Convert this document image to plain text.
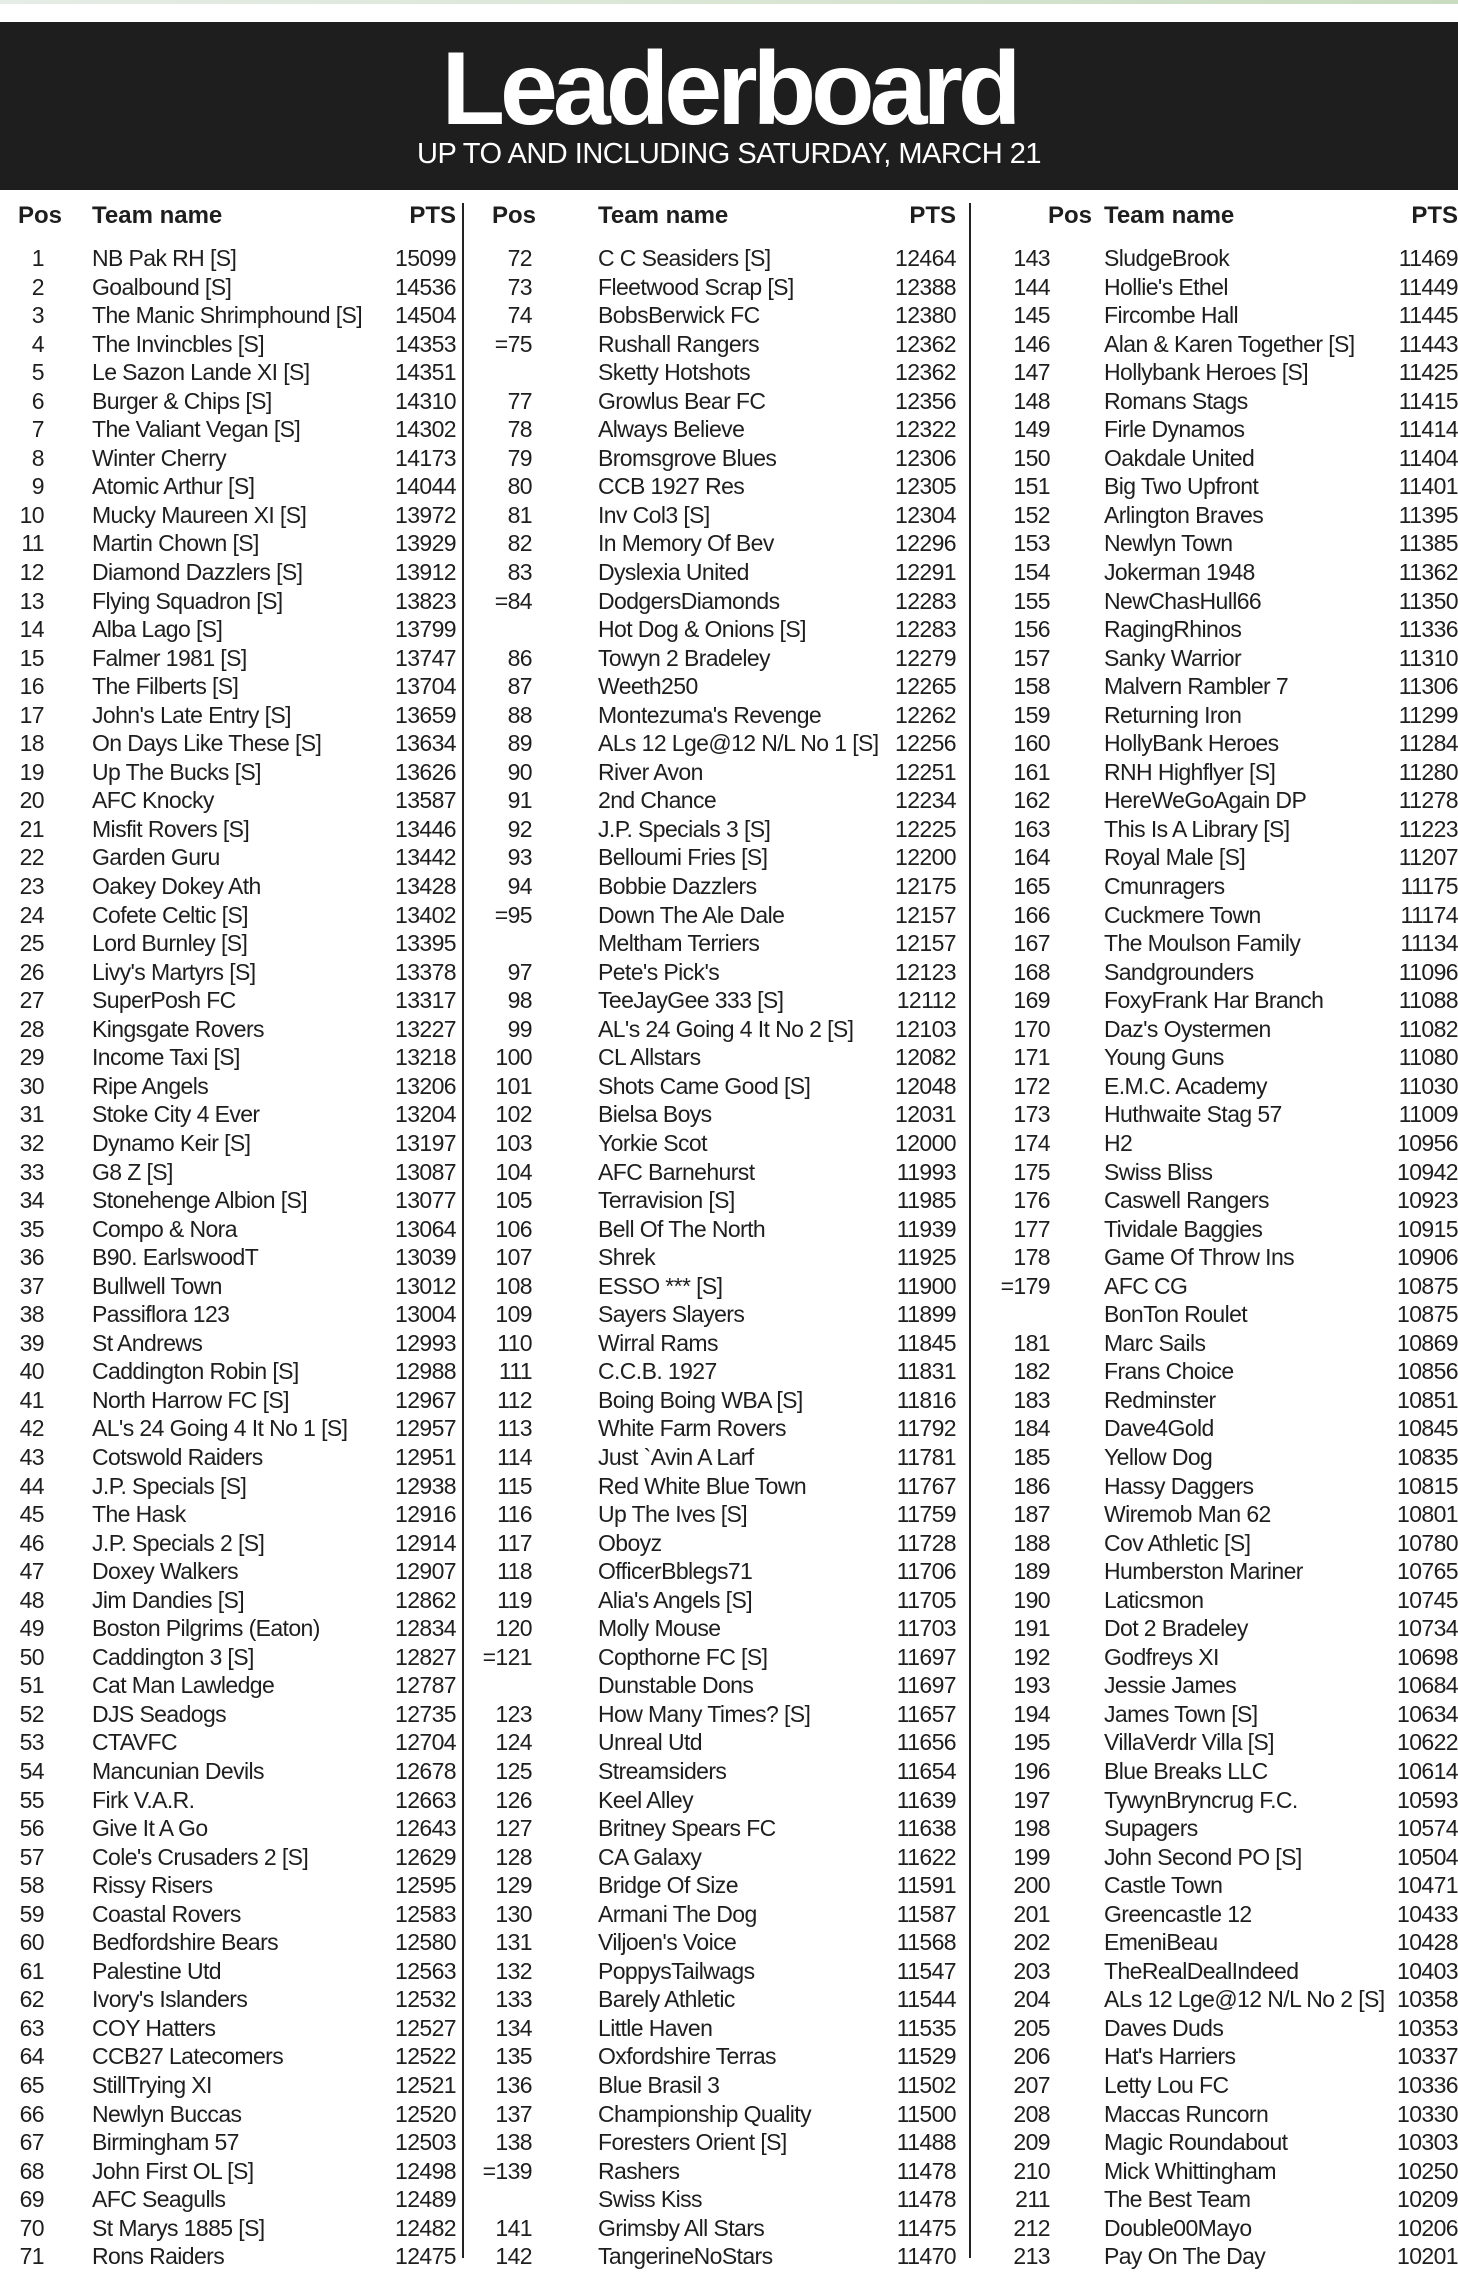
Leaderboard
UP TO AND INCLUDING SATURDAY, MARCH 21
Pos	Team name	PTS
1 NB Pak RH [S]	15099
2 Goalbound [S]	14536
3 The Manic Shrimphound [S]	14504
4 The Invincbles [S]	14353
5 Le Sazon Lande XI [S]	14351
6 Burger & Chips [S]	14310
7 The Valiant Vegan [S]	14302
8 Winter Cherry	14173
9 Atomic Arthur [S]	14044
10 Mucky Maureen XI [S]	13972
11 Martin Chown [S]	13929
12 Diamond Dazzlers [S]	13912
13 Flying Squadron [S]	13823
14 Alba Lago [S]	13799
15 Falmer 1981 [S]	13747
16 The Filberts [S]	13704
17 John's Late Entry [S]	13659
18 On Days Like These [S]	13634
19 Up The Bucks [S]	13626
20 AFC Knocky	13587
21 Misfit Rovers [S]	13446
22 Garden Guru	13442
23 Oakey Dokey Ath	13428
24 Cofete Celtic [S]	13402
25 Lord Burnley [S]	13395
26 Livy's Martyrs [S]	13378
27 SuperPosh FC	13317
28 Kingsgate Rovers	13227
29 Income Taxi [S]	13218
30 Ripe Angels	13206
31 Stoke City 4 Ever	13204
32 Dynamo Keir [S]	13197
33 G8 Z [S]	13087
34 Stonehenge Albion [S]	13077
35 Compo & Nora	13064
36 B90. EarlswoodT	13039
37 Bullwell Town	13012
38 Passiflora 123	13004
39 St Andrews	12993
40 Caddington Robin [S]	12988
41 North Harrow FC [S]	12967
42 AL's 24 Going 4 It No 1 [S]	12957
43 Cotswold Raiders	12951
44 J.P. Specials [S]	12938
45 The Hask	12916
46 J.P. Specials 2 [S]	12914
47 Doxey Walkers	12907
48 Jim Dandies [S]	12862
49 Boston Pilgrims (Eaton)	12834
50 Caddington 3 [S]	12827
51 Cat Man Lawledge	12787
52 DJS Seadogs	12735
53 CTAVFC	12704
54 Mancunian Devils	12678
55 Firk V.A.R.	12663
56 Give It A Go	12643
57 Cole's Crusaders 2 [S]	12629
58 Rissy Risers	12595
59 Coastal Rovers	12583
60 Bedfordshire Bears	12580
61 Palestine Utd	12563
62 Ivory's Islanders	12532
63 COY Hatters	12527
64 CCB27 Latecomers	12522
65 StillTrying XI	12521
66 Newlyn Buccas	12520
67 Birmingham 57	12503
68 John First OL [S]	12498
69 AFC Seagulls	12489
70 St Marys 1885 [S]	12482
71 Rons Raiders	12475
Pos	Team name	PTS
72	C C Seasiders [S]	12464
73	Fleetwood Scrap [S]	12388
74	BobsBerwick FC	12380
=75	Rushall Rangers	12362
Sketty Hotshots	12362
77	Growlus Bear FC	12356
78	Always Believe	12322
79	Bromsgrove Blues	12306
80	CCB 1927 Res	12305
81	Inv Col3 [S]	12304
82	In Memory Of Bev	12296
83	Dyslexia United	12291
=84	DodgersDiamonds	12283
Hot Dog & Onions [S]	12283
86	Towyn 2 Bradeley	12279
87	Weeth250	12265
88	Montezuma's Revenge	12262
89	ALs 12 Lge@12 N/L No 1 [S] 12256
90	River Avon	12251
91	2nd Chance	12234
92	J.P. Specials 3 [S]	12225
93	Belloumi Fries [S]	12200
94	Bobbie Dazzlers	12175
=95	Down The Ale Dale	12157
Meltham Terriers	12157
97	Pete's Pick's	12123
98	TeeJayGee 333 [S]	12112
99	AL's 24 Going 4 It No 2 [S]	12103
100	CL Allstars	12082
101	Shots Came Good [S]	12048
102	Bielsa Boys	12031
103	Yorkie Scot	12000
104	AFC Barnehurst	11993
105	Terravision [S]	11985
106	Bell Of The North	11939
107	Shrek	11925
108	ESSO *** [S]	11900
109	Sayers Slayers	11899
110	Wirral Rams	11845
111	C.C.B. 1927	11831
112	Boing Boing WBA [S]	11816
113	White Farm Rovers	11792
114	Just `Avin A Larf	11781
115	Red White Blue Town	11767
116	Up The Ives [S]	11759
117	Oboyz	11728
118	OfficerBblegs71	11706
119	Alia's Angels [S]	11705
120	Molly Mouse	11703
=121	Copthorne FC [S]	11697
Dunstable Dons	11697
123	How Many Times? [S]	11657
124	Unreal Utd	11656
125	Streamsiders	11654
126	Keel Alley	11639
127	Britney Spears FC	11638
128	CA Galaxy	11622
129	Bridge Of Size	11591
130	Armani The Dog	11587
131	Viljoen's Voice	11568
132	PoppysTailwags	11547
133	Barely Athletic	11544
134	Little Haven	11535
135	Oxfordshire Terras	11529
136	Blue Brasil 3	11502
137	Championship Quality	11500
138	Foresters Orient [S]	11488
=139	Rashers	11478
Swiss Kiss	11478
141	Grimsby All Stars	11475
142	TangerineNoStars	11470
Pos Team name	PTS
143 SludgeBrook	11469
144 Hollie's Ethel	11449
145 Fircombe Hall	11445
146 Alan & Karen Together [S]	11443
147 Hollybank Heroes [S]	11425
148 Romans Stags	11415
149 Firle Dynamos	11414
150 Oakdale United	11404
151 Big Two Upfront	11401
152 Arlington Braves	11395
153 Newlyn Town	11385
154 Jokerman 1948	11362
155 NewChasHull66	11350
156 RagingRhinos	11336
157 Sanky Warrior	11310
158 Malvern Rambler 7	11306
159 Returning Iron	11299
160 HollyBank Heroes	11284
161 RNH Highflyer [S]	11280
162 HereWeGoAgain DP	11278
163 This Is A Library [S]	11223
164 Royal Male [S]	11207
165 Cmunragers	11175
166 Cuckmere Town	11174
167 The Moulson Family	11134
168 Sandgrounders	11096
169 FoxyFrank Har Branch	11088
170 Daz's Oystermen	11082
171 Young Guns	11080
172 E.M.C. Academy	11030
173 Huthwaite Stag 57	11009
174 H2	10956
175 Swiss Bliss	10942
176 Caswell Rangers	10923
177 Tividale Baggies	10915
178 Game Of Throw Ins	10906
=179 AFC CG	10875
BonTon Roulet	10875
181 Marc Sails	10869
182 Frans Choice	10856
183 Redminster	10851
184 Dave4Gold	10845
185 Yellow Dog	10835
186 Hassy Daggers	10815
187 Wiremob Man 62	10801
188 Cov Athletic [S]	10780
189 Humberston Mariner	10765
190 Laticsmon	10745
191 Dot 2 Bradeley	10734
192 Godfreys XI	10698
193 Jessie James	10684
194 James Town [S]	10634
195 VillaVerdr Villa [S]	10622
196 Blue Breaks LLC	10614
197 TywynBryncrug F.C.	10593
198 Supagers	10574
199 John Second PO [S]	10504
200 Castle Town	10471
201 Greencastle 12	10433
202 EmeniBeau	10428
203 TheRealDealIndeed	10403
204 ALs 12 Lge@12 N/L No 2 [S] 10358
205 Daves Duds	10353
206 Hat's Harriers	10337
207 Letty Lou FC	10336
208 Maccas Runcorn	10330
209 Magic Roundabout	10303
210 Mick Whittingham	10250
211 The Best Team	10209
212 Double00Mayo	10206
213 Pay On The Day	10201
